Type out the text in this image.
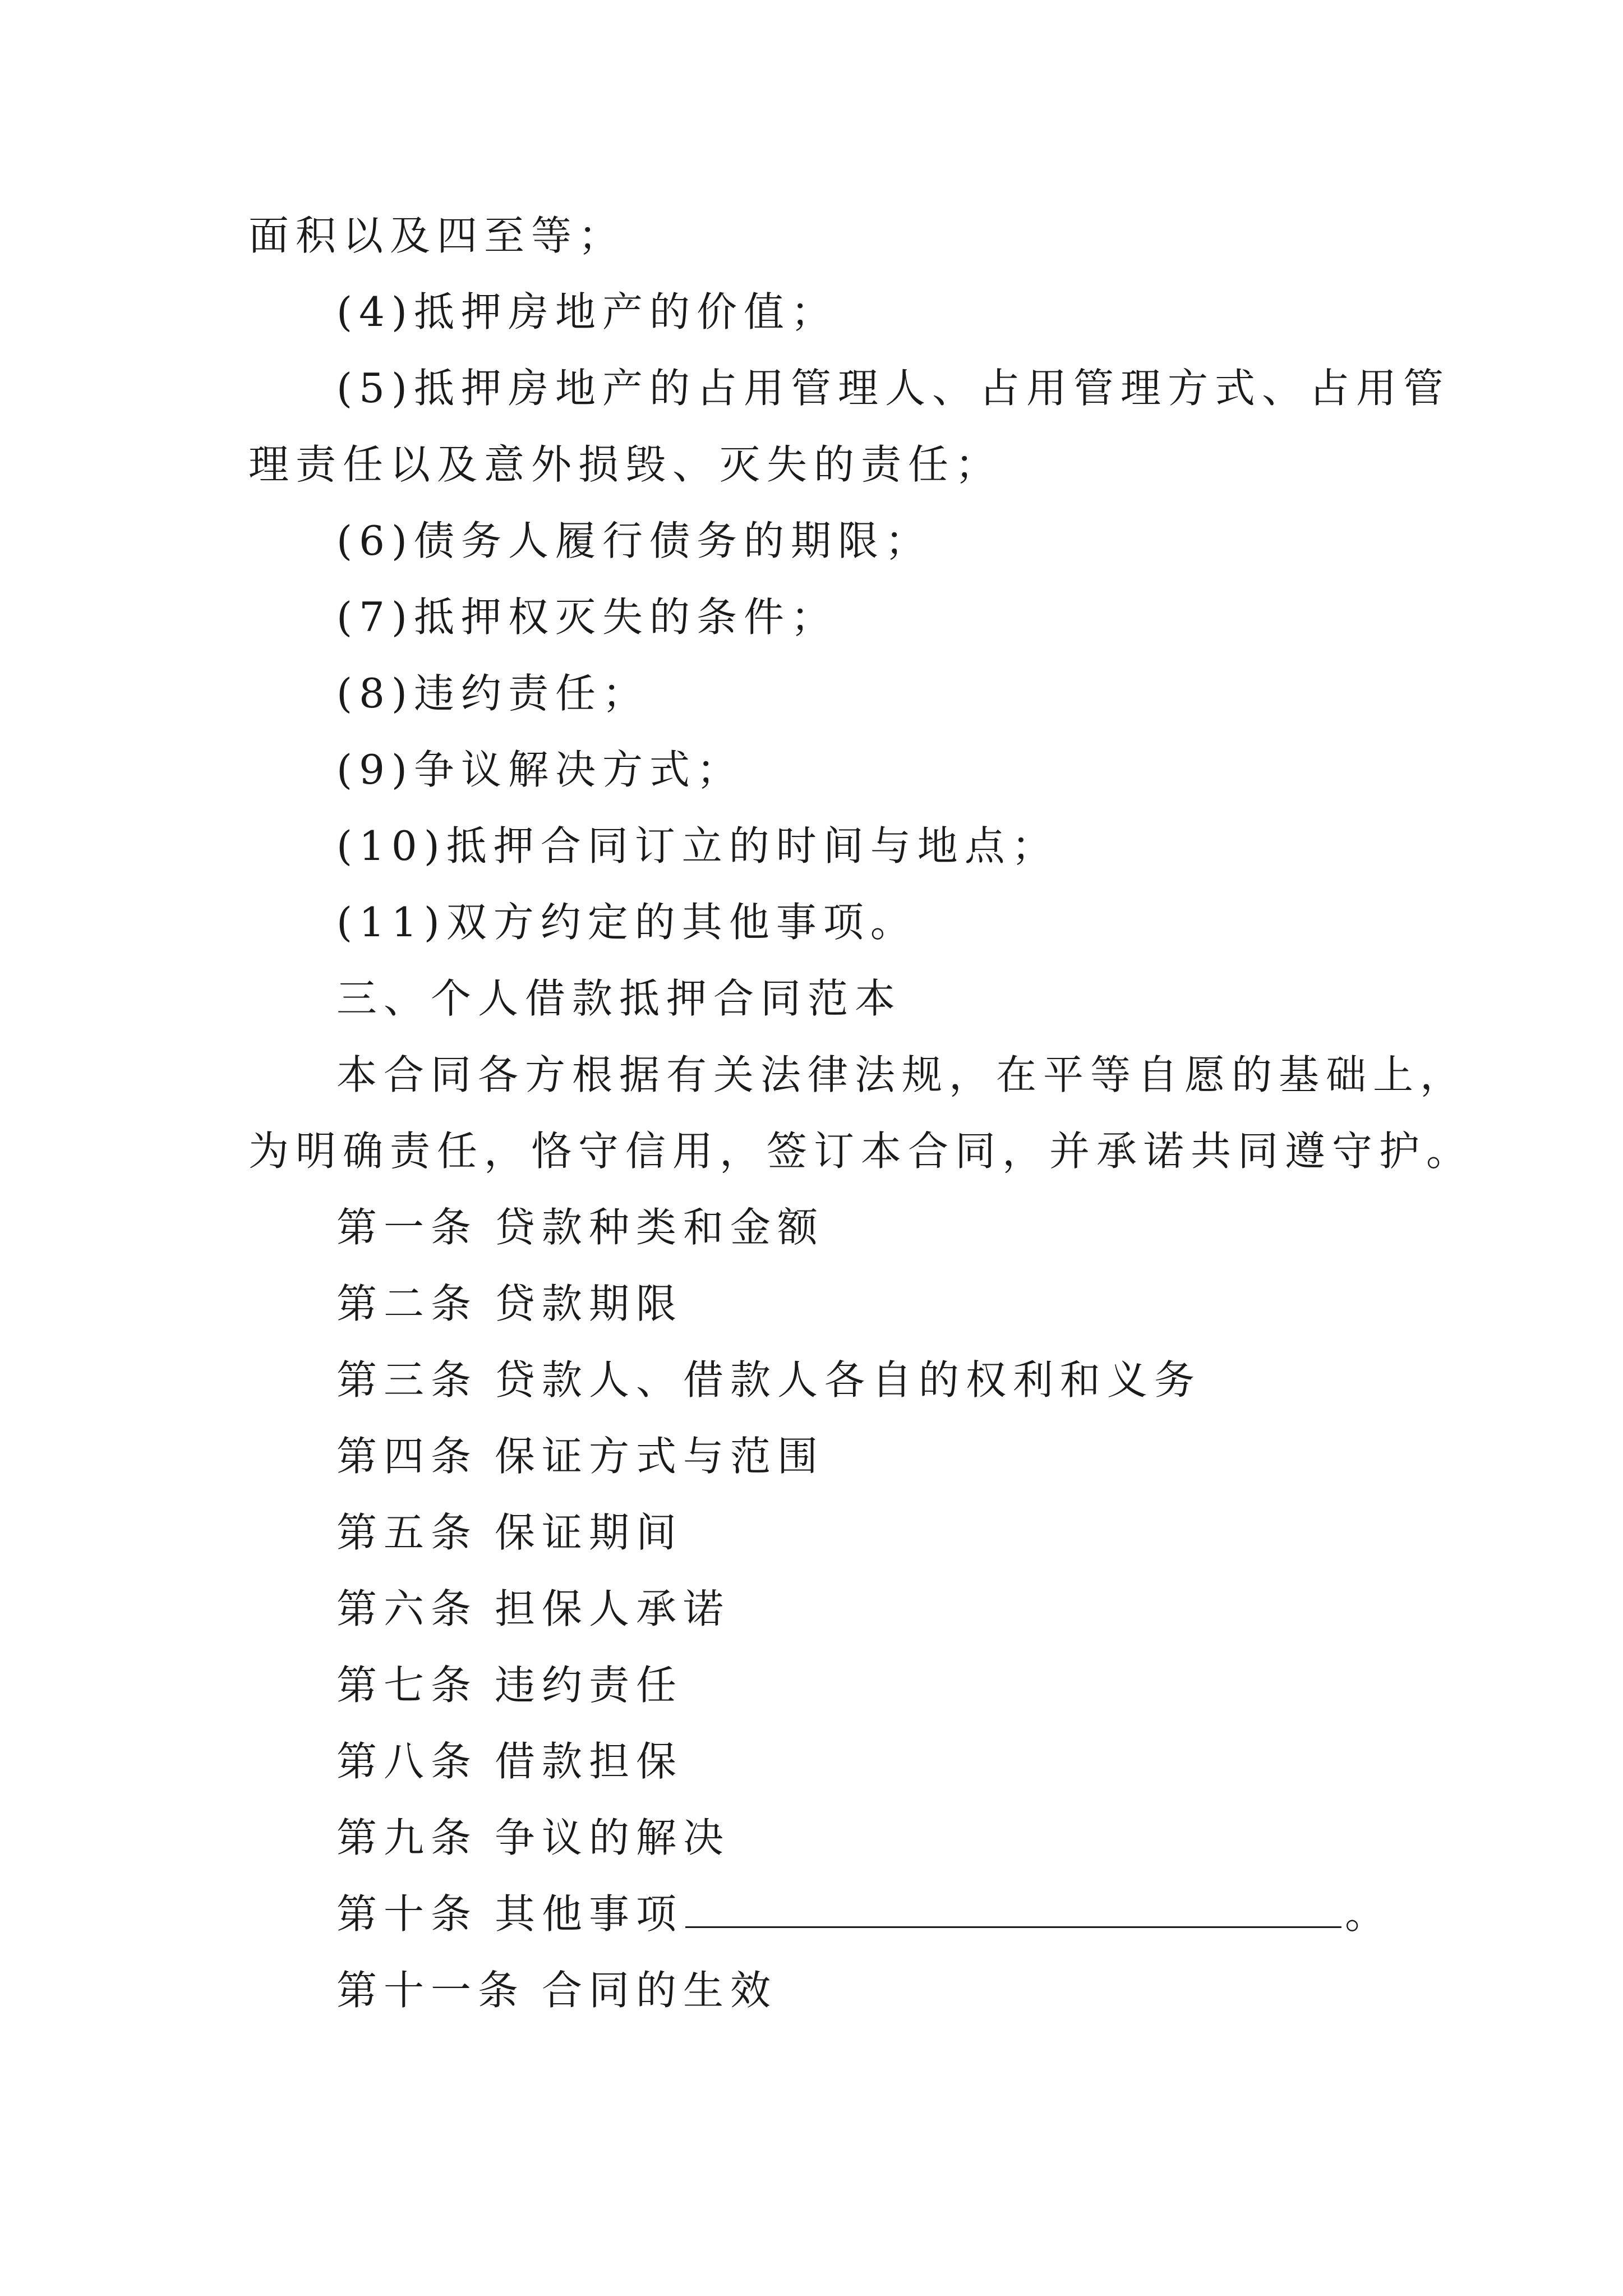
面积以及四至等；
(4)抵押房地产的价值；
(5)抵押房地产的占用管理人、占用管理方式、占用管
理责任以及意外损毁、灭失的责任；
(6)债务人履行债务的期限；
(7)抵押权灭失的条件；
(8)违约责任；
(9)争议解决方式；
(10)抵押合同订立的时间与地点；
(11)双方约定的其他事项。
三、个人借款抵押合同范本
本合同各方根据有关法律法规，在平等自愿的基础上，
为明确责任，恪守信用，签订本合同，并承诺共同遵守护。
第一条 贷款种类和金额
第二条 贷款期限
第三条 贷款人、借款人各自的权利和义务
第四条 保证方式与范围
第五条 保证期间
第六条 担保人承诺
第七条 违约责任
第八条 借款担保
第九条 争议的解决
第十条 其他事项	。
第十一条 合同的生效
